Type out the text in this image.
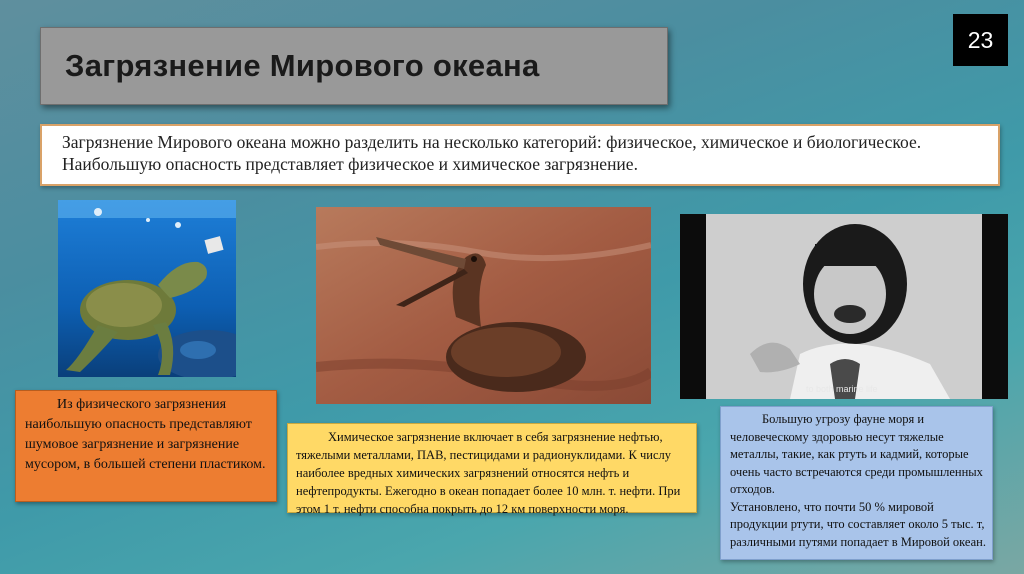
Загрязнение Мирового океана
23
Загрязнение Мирового океана можно разделить на несколько категорий: физическое, химическое и биологическое. Наибольшую опасность представляет физическое и химическое загрязнение.
to both marine life
Из физического загрязнения наибольшую опасность представляют шумовое загрязнение и загрязнение мусором, в большей степени пластиком.
Химическое загрязнение включает в себя загрязнение нефтью, тяжелыми металлами, ПАВ, пестицидами и радионуклидами. К числу наиболее вредных химических загрязнений относятся нефть и нефтепродукты. Ежегодно в океан попадает более 10 млн. т. нефти. При этом 1 т. нефти способна покрыть до 12 км поверхности моря.
Большую угрозу фауне моря и человеческому здоровью несут тяжелые металлы, такие, как ртуть и кадмий, которые очень часто встречаются среди промышленных отходов.
Установлено, что почти 50 % мировой продукции ртути, что составляет около 5 тыс. т, различными путями попадает в Мировой океан.
